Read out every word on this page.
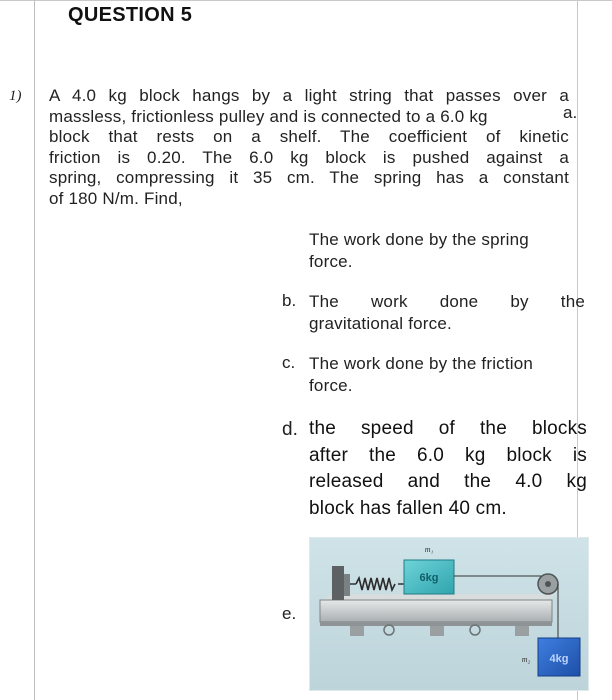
QUESTION 5
1) A 4.0 kg block hangs by a light string that passes over a
massless, frictionless pulley and is connected to a 6.0 kg
block that rests on a shelf. The coefficient of kinetic
friction is 0.20. The 6.0 kg block is pushed against a
spring, compressing it 35 cm. The spring has a constant
of 180 N/m. Find,
a.
The work done by the spring
force.
b. The work done by the
gravitational force.
c. The work done by the friction
force.
d. the speed of the blocks
after the 6.0 kg block is
released and the 4.0 kg
block has fallen 40 cm.
e.
6kg
m₁
4kg
m₂
